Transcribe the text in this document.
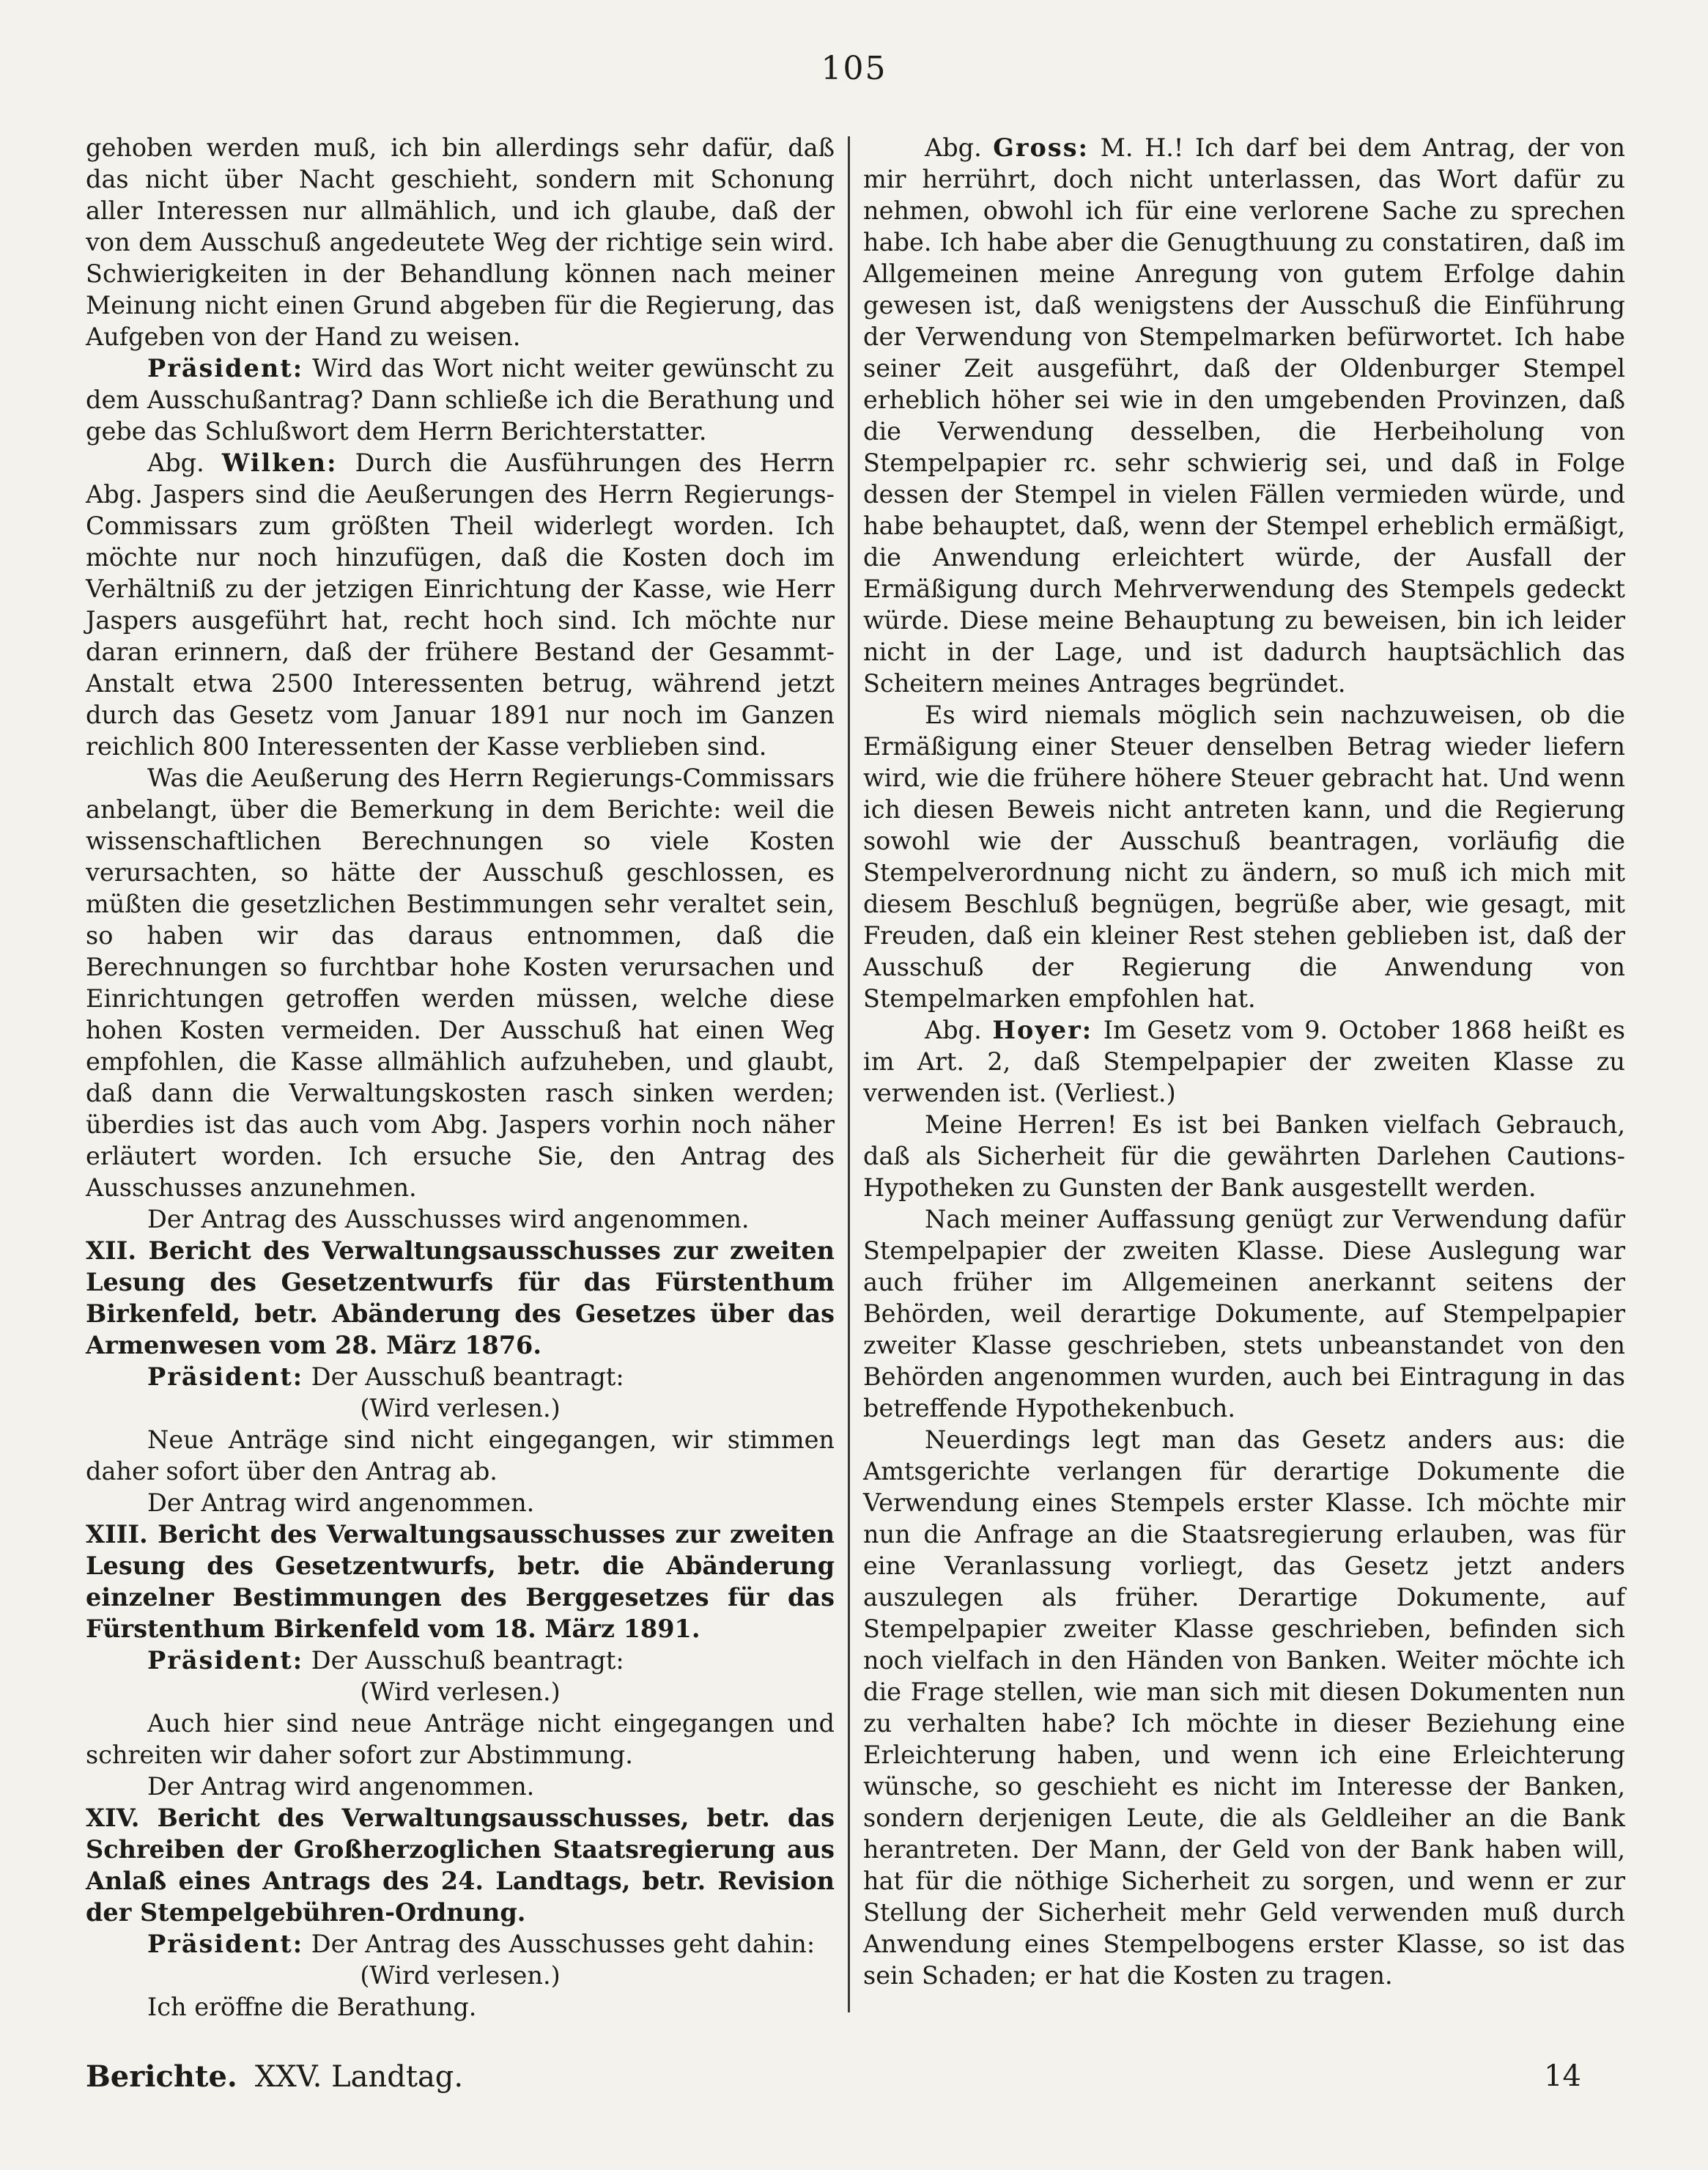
105

gehoben werden muß, ich bin allerdings sehr dafür, daß das nicht über Nacht geschieht, sondern mit Schonung aller Interessen nur allmählich, und ich glaube, daß der von dem Ausschuß angedeutete Weg der richtige sein wird. Schwierigkeiten in der Behandlung können nach meiner Meinung nicht einen Grund abgeben für die Regierung, das Aufgeben von der Hand zu weisen.

Präsident: Wird das Wort nicht weiter gewünscht zu dem Ausschußantrag? Dann schließe ich die Berathung und gebe das Schlußwort dem Herrn Berichterstatter.

Abg. Wilken: Durch die Ausführungen des Herrn Abg. Jaspers sind die Aeußerungen des Herrn Regierungs-Commissars zum größten Theil widerlegt worden. Ich möchte nur noch hinzufügen, daß die Kosten doch im Verhältniß zu der jetzigen Einrichtung der Kasse, wie Herr Jaspers ausgeführt hat, recht hoch sind. Ich möchte nur daran erinnern, daß der frühere Bestand der Gesammt-Anstalt etwa 2500 Interessenten betrug, während jetzt durch das Gesetz vom Januar 1891 nur noch im Ganzen reichlich 800 Interessenten der Kasse verblieben sind.

Was die Aeußerung des Herrn Regierungs-Commissars anbelangt, über die Bemerkung in dem Berichte: weil die wissenschaftlichen Berechnungen so viele Kosten verursachten, so hätte der Ausschuß geschlossen, es müßten die gesetzlichen Bestimmungen sehr veraltet sein, so haben wir das daraus entnommen, daß die Berechnungen so furchtbar hohe Kosten verursachen und Einrichtungen getroffen werden müssen, welche diese hohen Kosten vermeiden. Der Ausschuß hat einen Weg empfohlen, die Kasse allmählich aufzuheben, und glaubt, daß dann die Verwaltungskosten rasch sinken werden; überdies ist das auch vom Abg. Jaspers vorhin noch näher erläutert worden. Ich ersuche Sie, den Antrag des Ausschusses anzunehmen.

Der Antrag des Ausschusses wird angenommen.

XII. Bericht des Verwaltungsausschusses zur zweiten Lesung des Gesetzentwurfs für das Fürstenthum Birkenfeld, betr. Abänderung des Gesetzes über das Armenwesen vom 28. März 1876.

Präsident: Der Ausschuß beantragt:

(Wird verlesen.)

Neue Anträge sind nicht eingegangen, wir stimmen daher sofort über den Antrag ab.

Der Antrag wird angenommen.

XIII. Bericht des Verwaltungsausschusses zur zweiten Lesung des Gesetzentwurfs, betr. die Abänderung einzelner Bestimmungen des Berggesetzes für das Fürstenthum Birkenfeld vom 18. März 1891.

Präsident: Der Ausschuß beantragt:

(Wird verlesen.)

Auch hier sind neue Anträge nicht eingegangen und schreiten wir daher sofort zur Abstimmung.

Der Antrag wird angenommen.

XIV. Bericht des Verwaltungsausschusses, betr. das Schreiben der Großherzoglichen Staatsregierung aus Anlaß eines Antrags des 24. Landtags, betr. Revision der Stempelgebühren-Ordnung.

Präsident: Der Antrag des Ausschusses geht dahin:

(Wird verlesen.)

Ich eröffne die Berathung.

Abg. Gross: M. H.! Ich darf bei dem Antrag, der von mir herrührt, doch nicht unterlassen, das Wort dafür zu nehmen, obwohl ich für eine verlorene Sache zu sprechen habe. Ich habe aber die Genugthuung zu constatiren, daß im Allgemeinen meine Anregung von gutem Erfolge dahin gewesen ist, daß wenigstens der Ausschuß die Einführung der Verwendung von Stempelmarken befürwortet. Ich habe seiner Zeit ausgeführt, daß der Oldenburger Stempel erheblich höher sei wie in den umgebenden Provinzen, daß die Verwendung desselben, die Herbeiholung von Stempelpapier rc. sehr schwierig sei, und daß in Folge dessen der Stempel in vielen Fällen vermieden würde, und habe behauptet, daß, wenn der Stempel erheblich ermäßigt, die Anwendung erleichtert würde, der Ausfall der Ermäßigung durch Mehrverwendung des Stempels gedeckt würde. Diese meine Behauptung zu beweisen, bin ich leider nicht in der Lage, und ist dadurch hauptsächlich das Scheitern meines Antrages begründet.

Es wird niemals möglich sein nachzuweisen, ob die Ermäßigung einer Steuer denselben Betrag wieder liefern wird, wie die frühere höhere Steuer gebracht hat. Und wenn ich diesen Beweis nicht antreten kann, und die Regierung sowohl wie der Ausschuß beantragen, vorläufig die Stempelverordnung nicht zu ändern, so muß ich mich mit diesem Beschluß begnügen, begrüße aber, wie gesagt, mit Freuden, daß ein kleiner Rest stehen geblieben ist, daß der Ausschuß der Regierung die Anwendung von Stempelmarken empfohlen hat.

Abg. Hoyer: Im Gesetz vom 9. October 1868 heißt es im Art. 2, daß Stempelpapier der zweiten Klasse zu verwenden ist. (Verliest.)

Meine Herren! Es ist bei Banken vielfach Gebrauch, daß als Sicherheit für die gewährten Darlehen Cautions-Hypotheken zu Gunsten der Bank ausgestellt werden.

Nach meiner Auffassung genügt zur Verwendung dafür Stempelpapier der zweiten Klasse. Diese Auslegung war auch früher im Allgemeinen anerkannt seitens der Behörden, weil derartige Dokumente, auf Stempelpapier zweiter Klasse geschrieben, stets unbeanstandet von den Behörden angenommen wurden, auch bei Eintragung in das betreffende Hypothekenbuch.

Neuerdings legt man das Gesetz anders aus: die Amtsgerichte verlangen für derartige Dokumente die Verwendung eines Stempels erster Klasse. Ich möchte mir nun die Anfrage an die Staatsregierung erlauben, was für eine Veranlassung vorliegt, das Gesetz jetzt anders auszulegen als früher. Derartige Dokumente, auf Stempelpapier zweiter Klasse geschrieben, befinden sich noch vielfach in den Händen von Banken. Weiter möchte ich die Frage stellen, wie man sich mit diesen Dokumenten nun zu verhalten habe? Ich möchte in dieser Beziehung eine Erleichterung haben, und wenn ich eine Erleichterung wünsche, so geschieht es nicht im Interesse der Banken, sondern derjenigen Leute, die als Geldleiher an die Bank herantreten. Der Mann, der Geld von der Bank haben will, hat für die nöthige Sicherheit zu sorgen, und wenn er zur Stellung der Sicherheit mehr Geld verwenden muß durch Anwendung eines Stempelbogens erster Klasse, so ist das sein Schaden; er hat die Kosten zu tragen.

Berichte. XXV. Landtag.	14
